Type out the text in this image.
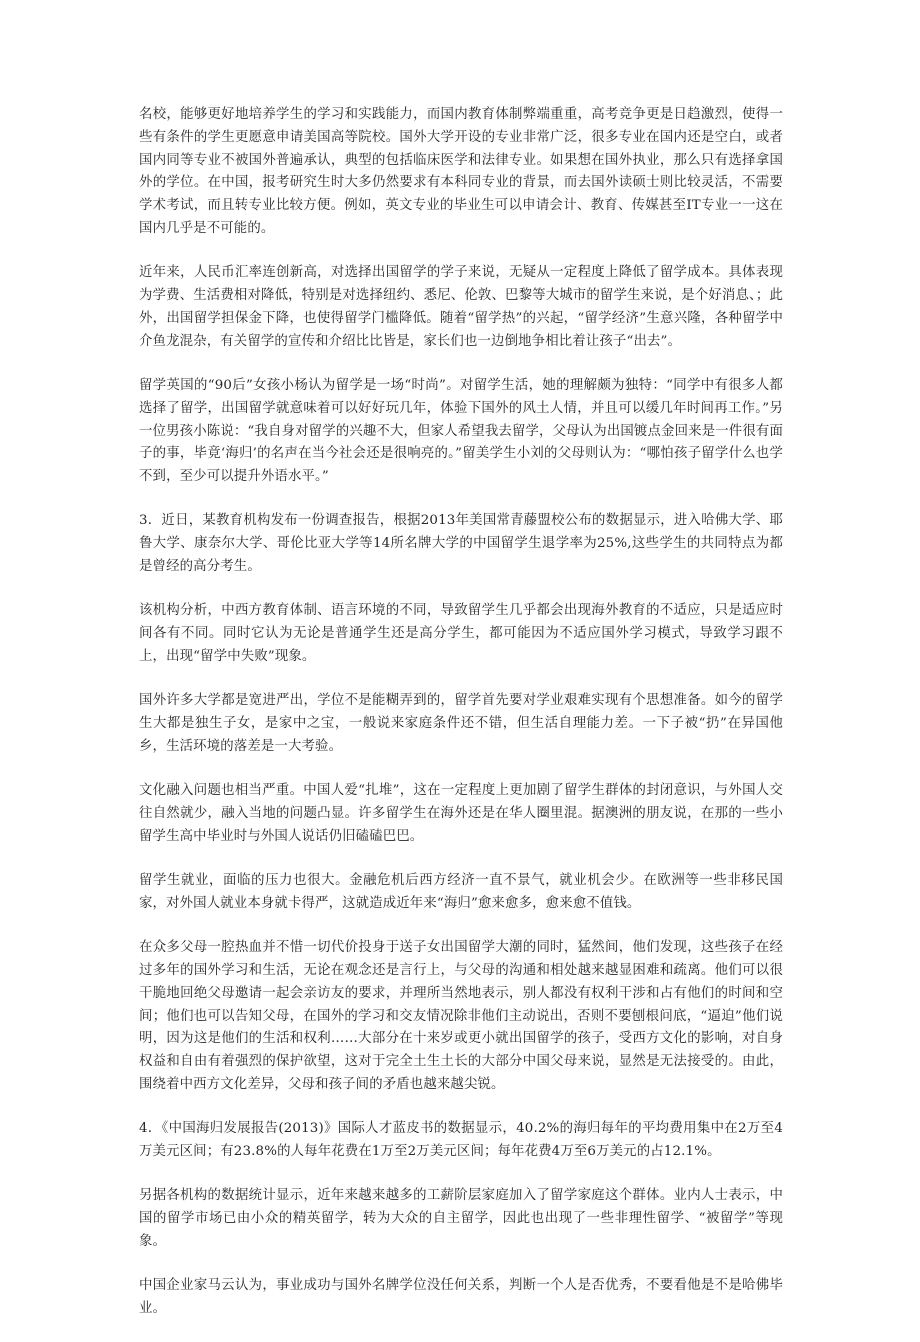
名校，能够更好地培养学生的学习和实践能力，而国内教育体制弊端重重，高考竞争更是日趋激烈，使得一些有条件的学生更愿意申请美国高等院校。国外大学开设的专业非常广泛，很多专业在国内还是空白，或者国内同等专业不被国外普遍承认，典型的包括临床医学和法律专业。如果想在国外执业，那么只有选择拿国外的学位。在中国，报考研究生时大多仍然要求有本科同专业的背景，而去国外读硕士则比较灵活，不需要学术考试，而且转专业比较方便。例如，英文专业的毕业生可以申请会计、教育、传媒甚至IT专业一一这在国内几乎是不可能的。

近年来，人民币汇率连创新高，对选择出国留学的学子来说，无疑从一定程度上降低了留学成本。具体表现为学费、生活费相对降低，特别是对选择纽约、悉尼、伦敦、巴黎等大城市的留学生来说，是个好消息、；此外，出国留学担保金下降，也使得留学门槛降低。随着“留学热”的兴起，“留学经济”生意兴隆，各种留学中介鱼龙混杂，有关留学的宣传和介绍比比皆是，家长们也一边倒地争相比着让孩子“出去”。

留学英国的“90后”女孩小杨认为留学是一场“时尚”。对留学生活，她的理解颇为独特：“同学中有很多人都选择了留学，出国留学就意味着可以好好玩几年，体验下国外的风土人情，并且可以缓几年时间再工作。”另一位男孩小陈说：“我自身对留学的兴趣不大，但家人希望我去留学，父母认为出国镀点金回来是一件很有面子的事，毕竟‘海归’的名声在当今社会还是很响亮的。”留美学生小刘的父母则认为：“哪怕孩子留学什么也学不到，至少可以提升外语水平。”

3．近日，某教育机构发布一份调查报告，根据2013年美国常青藤盟校公布的数据显示，进入哈佛大学、耶鲁大学、康奈尔大学、哥伦比亚大学等14所名牌大学的中国留学生退学率为25%,这些学生的共同特点为都是曾经的高分考生。

该机构分析，中西方教育体制、语言环境的不同，导致留学生几乎都会出现海外教育的不适应，只是适应时间各有不同。同时它认为无论是普通学生还是高分学生，都可能因为不适应国外学习模式，导致学习跟不上，出现“留学中失败”现象。

国外许多大学都是宽进严出，学位不是能糊弄到的，留学首先要对学业艰难实现有个思想准备。如今的留学生大都是独生子女，是家中之宝，一般说来家庭条件还不错，但生活自理能力差。一下子被“扔”在异国他乡，生活环境的落差是一大考验。

文化融入问题也相当严重。中国人爱“扎堆”，这在一定程度上更加剧了留学生群体的封闭意识，与外国人交往自然就少，融入当地的问题凸显。许多留学生在海外还是在华人圈里混。据澳洲的朋友说，在那的一些小留学生高中毕业时与外国人说话仍旧磕磕巴巴。

留学生就业，面临的压力也很大。金融危机后西方经济一直不景气，就业机会少。在欧洲等一些非移民国家，对外国人就业本身就卡得严，这就造成近年来“海归”愈来愈多，愈来愈不值钱。

在众多父母一腔热血并不惜一切代价投身于送子女出国留学大潮的同时，猛然间，他们发现，这些孩子在经过多年的国外学习和生活，无论在观念还是言行上，与父母的沟通和相处越来越显困难和疏离。他们可以很干脆地回绝父母邀请一起会亲访友的要求，并理所当然地表示，别人都没有权利干涉和占有他们的时间和空间；他们也可以告知父母，在国外的学习和交友情况除非他们主动说出，否则不要刨根问底，“逼迫”他们说明，因为这是他们的生活和权利……大部分在十来岁或更小就出国留学的孩子，受西方文化的影响，对自身权益和自由有着强烈的保护欲望，这对于完全土生土长的大部分中国父母来说，显然是无法接受的。由此，围绕着中西方文化差异，父母和孩子间的矛盾也越来越尖锐。

4．《中国海归发展报告(2013)》国际人才蓝皮书的数据显示，40.2%的海归每年的平均费用集中在2万至4万美元区间；有23.8%的人每年花费在1万至2万美元区间；每年花费4万至6万美元的占12.1%。

另据各机构的数据统计显示，近年来越来越多的工薪阶层家庭加入了留学家庭这个群体。业内人士表示，中国的留学市场已由小众的精英留学，转为大众的自主留学，因此也出现了一些非理性留学、“被留学”等现象。

中国企业家马云认为，事业成功与国外名牌学位没任何关系，判断一个人是否优秀，不要看他是不是哈佛毕业。
